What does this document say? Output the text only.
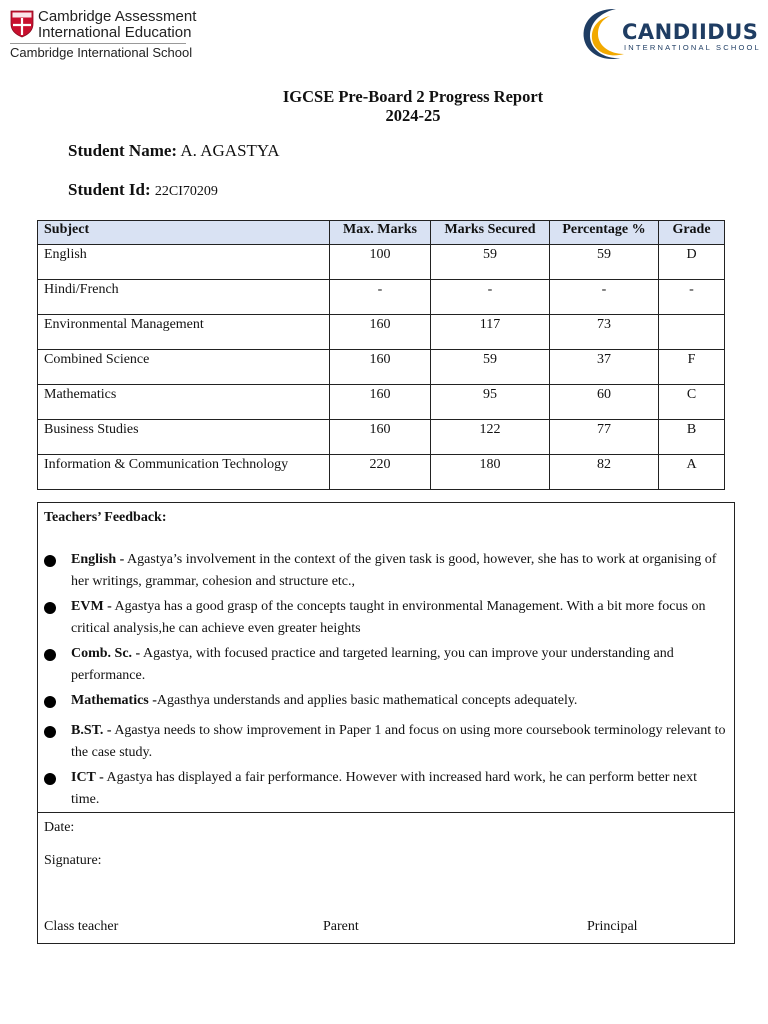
Cambridge Assessment
International Education
Cambridge International School
CANDIIDUS
INTERNATIONAL SCHOOL
IGCSE Pre-Board 2 Progress Report
2024-25
Student Name: A. AGASTYA
Student Id: 22CI70209
Subject	Max. Marks	Marks Secured	Percentage %	Grade
English	100	59	59	D
Hindi/French	-	-	-	-
Environmental Management	160	117	73	
Combined Science	160	59	37	F
Mathematics	160	95	60	C
Business Studies	160	122	77	B
Information & Communication Technology	220	180	82	A
Teachers’ Feedback:
English - Agastya’s involvement in the context of the given task is good, however, she has to work at organising of her writings, grammar, cohesion and structure etc.,
EVM - Agastya has a good grasp of the concepts taught in environmental Management. With a bit more focus on critical analysis,he can achieve even greater heights
Comb. Sc. - Agastya, with focused practice and targeted learning, you can improve your understanding and performance.
Mathematics -Agasthya understands and applies basic mathematical concepts adequately.
B.ST. - Agastya needs to show improvement in Paper 1 and focus on using more coursebook terminology relevant to the case study.
ICT - Agastya has displayed a fair performance. However with increased hard work, he can perform better next time.
Date:
Signature:
Class teacher	Parent	Principal
